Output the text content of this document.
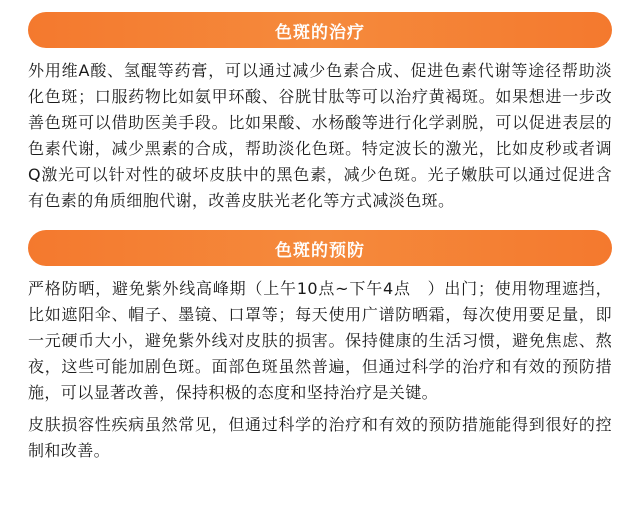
色斑的治疗

外用维A酸、氢醌等药膏，可以通过减少色素合成、促进色素代谢等途径帮助淡化色斑；口服药物比如氨甲环酸、谷胱甘肽等可以治疗黄褐斑。如果想进一步改善色斑可以借助医美手段。比如果酸、水杨酸等进行化学剥脱，可以促进表层的色素代谢，减少黑素的合成，帮助淡化色斑。特定波长的激光，比如皮秒或者调Q激光可以针对性的破坏皮肤中的黑色素，减少色斑。光子嫩肤可以通过促进含有色素的角质细胞代谢，改善皮肤光老化等方式减淡色斑。

色斑的预防

严格防晒，避免紫外线高峰期（上午10点~下午4点　）出门；使用物理遮挡，比如遮阳伞、帽子、墨镜、口罩等；每天使用广谱防晒霜，每次使用要足量，即一元硬币大小，避免紫外线对皮肤的损害。保持健康的生活习惯，避免焦虑、熬夜，这些可能加剧色斑。面部色斑虽然普遍，但通过科学的治疗和有效的预防措施，可以显著改善，保持积极的态度和坚持治疗是关键。

皮肤损容性疾病虽然常见，但通过科学的治疗和有效的预防措施能得到很好的控制和改善。
